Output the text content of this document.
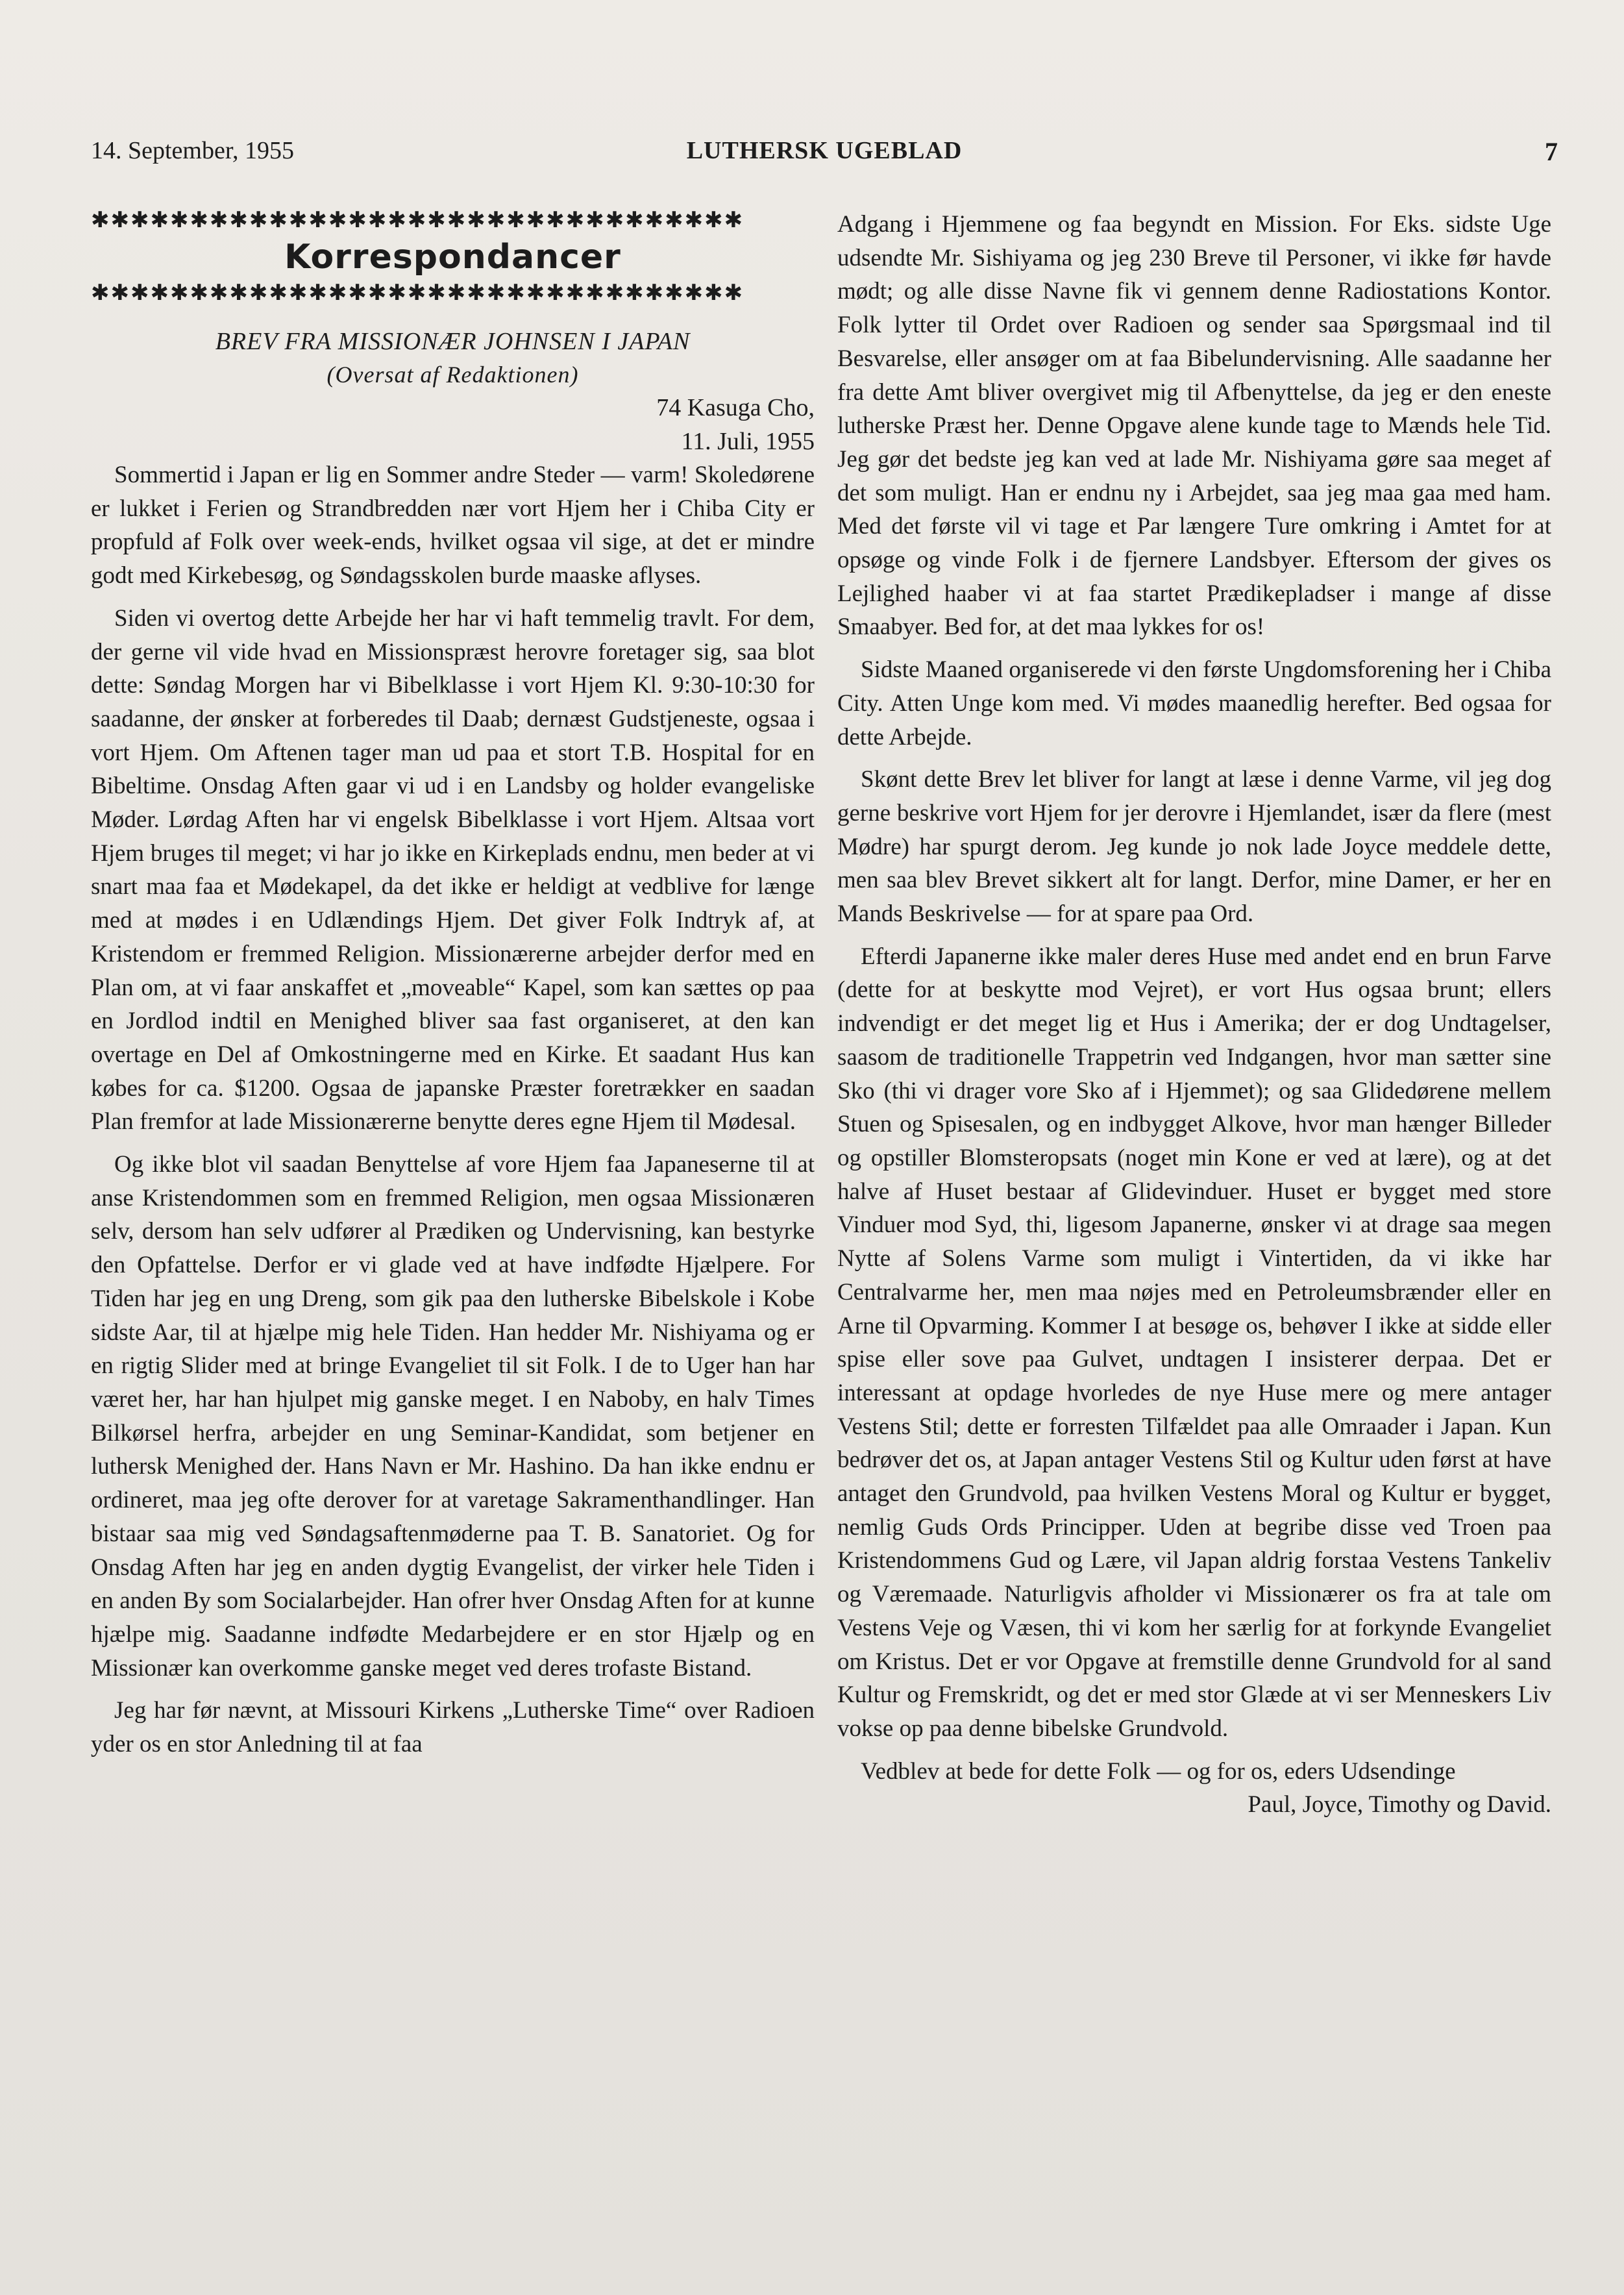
14. September, 1955	LUTHERSK UGEBLAD	7
✱✱✱✱✱✱✱✱✱✱✱✱✱✱✱✱✱✱✱✱✱✱✱✱✱✱✱✱✱✱✱✱✱
Korrespondancer
✱✱✱✱✱✱✱✱✱✱✱✱✱✱✱✱✱✱✱✱✱✱✱✱✱✱✱✱✱✱✱✱✱
BREV FRA MISSIONÆR JOHNSEN I JAPAN
(Oversat af Redaktionen)
74 Kasuga Cho,
11. Juli, 1955

Sommertid i Japan er lig en Sommer andre Steder — varm! Skoledørene er lukket i Ferien og Strandbredden nær vort Hjem her i Chiba City er propfuld af Folk over week-ends, hvilket ogsaa vil sige, at det er mindre godt med Kirkebesøg, og Søndagsskolen burde maaske aflyses.

Siden vi overtog dette Arbejde her har vi haft temmelig travlt. For dem, der gerne vil vide hvad en Missionspræst herovre foretager sig, saa blot dette: Søndag Morgen har vi Bibelklasse i vort Hjem Kl. 9:30-10:30 for saadanne, der ønsker at forberedes til Daab; dernæst Gudstjeneste, ogsaa i vort Hjem. Om Aftenen tager man ud paa et stort T.B. Hospital for en Bibeltime. Onsdag Aften gaar vi ud i en Landsby og holder evangeliske Møder. Lørdag Aften har vi engelsk Bibelklasse i vort Hjem. Altsaa vort Hjem bruges til meget; vi har jo ikke en Kirkeplads endnu, men beder at vi snart maa faa et Mødekapel, da det ikke er heldigt at vedblive for længe med at mødes i en Udlændings Hjem. Det giver Folk Indtryk af, at Kristendom er fremmed Religion. Missionærerne arbejder derfor med en Plan om, at vi faar anskaffet et „moveable“ Kapel, som kan sættes op paa en Jordlod indtil en Menighed bliver saa fast organiseret, at den kan overtage en Del af Omkostningerne med en Kirke. Et saadant Hus kan købes for ca. $1200. Ogsaa de japanske Præster foretrækker en saadan Plan fremfor at lade Missionærerne benytte deres egne Hjem til Mødesal.

Og ikke blot vil saadan Benyttelse af vore Hjem faa Japaneserne til at anse Kristendommen som en fremmed Religion, men ogsaa Missionæren selv, dersom han selv udfører al Prædiken og Undervisning, kan bestyrke den Opfattelse. Derfor er vi glade ved at have indfødte Hjælpere. For Tiden har jeg en ung Dreng, som gik paa den lutherske Bibelskole i Kobe sidste Aar, til at hjælpe mig hele Tiden. Han hedder Mr. Nishiyama og er en rigtig Slider med at bringe Evangeliet til sit Folk. I de to Uger han har været her, har han hjulpet mig ganske meget. I en Naboby, en halv Times Bilkørsel herfra, arbejder en ung Seminar-Kandidat, som betjener en luthersk Menighed der. Hans Navn er Mr. Hashino. Da han ikke endnu er ordineret, maa jeg ofte derover for at varetage Sakramenthandlinger. Han bistaar saa mig ved Søndagsaftenmøderne paa T. B. Sanatoriet. Og for Onsdag Aften har jeg en anden dygtig Evangelist, der virker hele Tiden i en anden By som Socialarbejder. Han ofrer hver Onsdag Aften for at kunne hjælpe mig. Saadanne indfødte Medarbejdere er en stor Hjælp og en Missionær kan overkomme ganske meget ved deres trofaste Bistand.

Jeg har før nævnt, at Missouri Kirkens „Lutherske Time“ over Radioen yder os en stor Anledning til at faa

Adgang i Hjemmene og faa begyndt en Mission. For Eks. sidste Uge udsendte Mr. Sishiyama og jeg 230 Breve til Personer, vi ikke før havde mødt; og alle disse Navne fik vi gennem denne Radiostations Kontor. Folk lytter til Ordet over Radioen og sender saa Spørgsmaal ind til Besvarelse, eller ansøger om at faa Bibelundervisning. Alle saadanne her fra dette Amt bliver overgivet mig til Afbenyttelse, da jeg er den eneste lutherske Præst her. Denne Opgave alene kunde tage to Mænds hele Tid. Jeg gør det bedste jeg kan ved at lade Mr. Nishiyama gøre saa meget af det som muligt. Han er endnu ny i Arbejdet, saa jeg maa gaa med ham. Med det første vil vi tage et Par længere Ture omkring i Amtet for at opsøge og vinde Folk i de fjernere Landsbyer. Eftersom der gives os Lejlighed haaber vi at faa startet Prædikepladser i mange af disse Smaabyer. Bed for, at det maa lykkes for os!

Sidste Maaned organiserede vi den første Ungdomsforening her i Chiba City. Atten Unge kom med. Vi mødes maanedlig herefter. Bed ogsaa for dette Arbejde.

Skønt dette Brev let bliver for langt at læse i denne Varme, vil jeg dog gerne beskrive vort Hjem for jer derovre i Hjemlandet, især da flere (mest Mødre) har spurgt derom. Jeg kunde jo nok lade Joyce meddele dette, men saa blev Brevet sikkert alt for langt. Derfor, mine Damer, er her en Mands Beskrivelse — for at spare paa Ord.

Efterdi Japanerne ikke maler deres Huse med andet end en brun Farve (dette for at beskytte mod Vejret), er vort Hus ogsaa brunt; ellers indvendigt er det meget lig et Hus i Amerika; der er dog Undtagelser, saasom de traditionelle Trappetrin ved Indgangen, hvor man sætter sine Sko (thi vi drager vore Sko af i Hjemmet); og saa Glidedørene mellem Stuen og Spisesalen, og en indbygget Alkove, hvor man hænger Billeder og opstiller Blomsteropsats (noget min Kone er ved at lære), og at det halve af Huset bestaar af Glidevinduer. Huset er bygget med store Vinduer mod Syd, thi, ligesom Japanerne, ønsker vi at drage saa megen Nytte af Solens Varme som muligt i Vintertiden, da vi ikke har Centralvarme her, men maa nøjes med en Petroleumsbrænder eller en Arne til Opvarming. Kommer I at besøge os, behøver I ikke at sidde eller spise eller sove paa Gulvet, undtagen I insisterer derpaa. Det er interessant at opdage hvorledes de nye Huse mere og mere antager Vestens Stil; dette er forresten Tilfældet paa alle Omraader i Japan. Kun bedrøver det os, at Japan antager Vestens Stil og Kultur uden først at have antaget den Grundvold, paa hvilken Vestens Moral og Kultur er bygget, nemlig Guds Ords Principper. Uden at begribe disse ved Troen paa Kristendommens Gud og Lære, vil Japan aldrig forstaa Vestens Tankeliv og Væremaade. Naturligvis afholder vi Missionærer os fra at tale om Vestens Veje og Væsen, thi vi kom her særlig for at forkynde Evangeliet om Kristus. Det er vor Opgave at fremstille denne Grundvold for al sand Kultur og Fremskridt, og det er med stor Glæde at vi ser Menneskers Liv vokse op paa denne bibelske Grundvold.

Vedblev at bede for dette Folk — og for os, eders Udsendinge

Paul, Joyce, Timothy og David.
